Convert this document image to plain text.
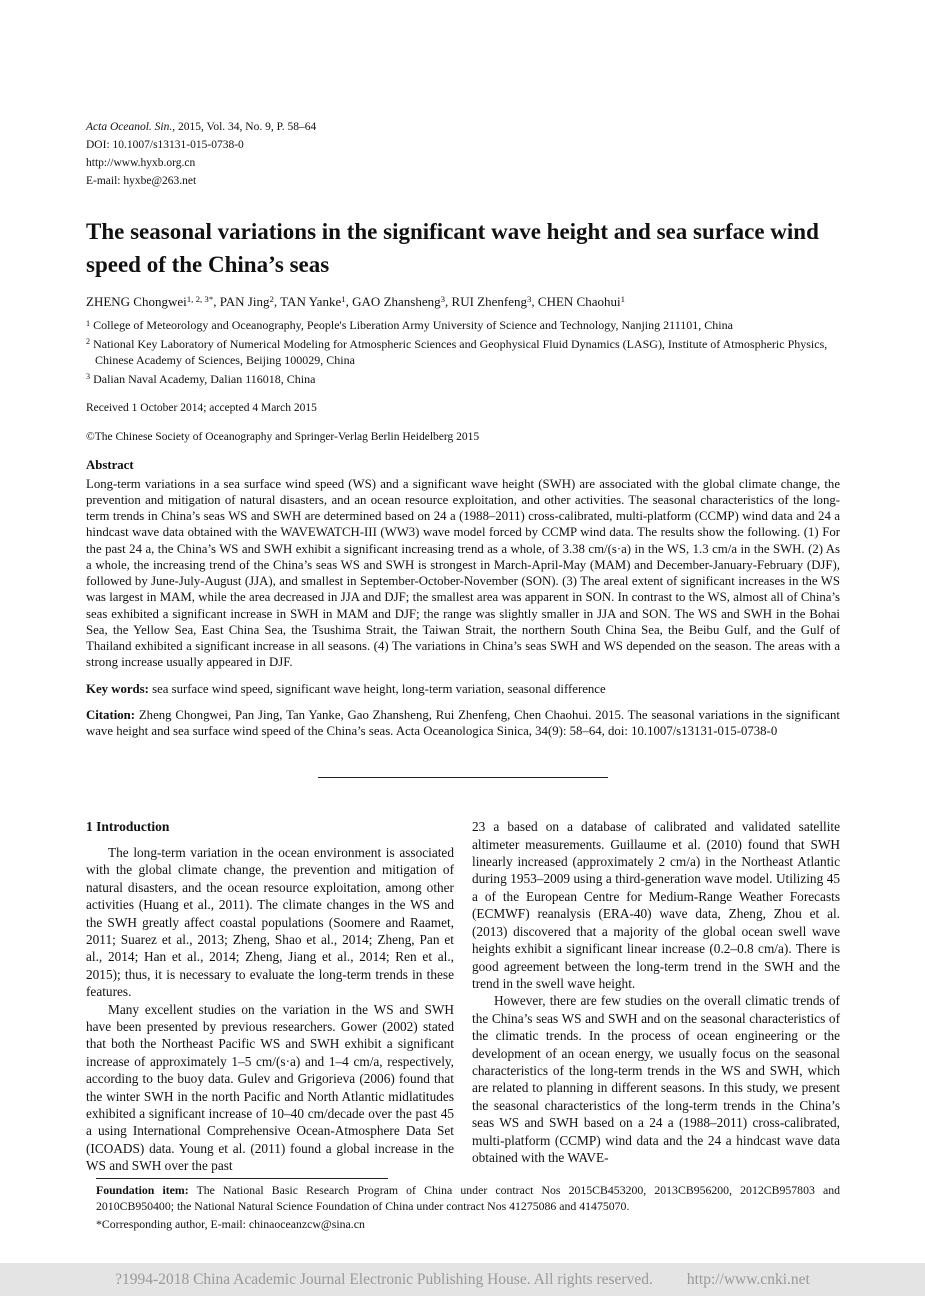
Acta Oceanol. Sin., 2015, Vol. 34, No. 9, P. 58–64
DOI: 10.1007/s13131-015-0738-0
http://www.hyxb.org.cn
E-mail: hyxbe@263.net
The seasonal variations in the significant wave height and sea surface wind speed of the China’s seas
ZHENG Chongwei$^{1, 2, 3*}$, PAN Jing$^2$, TAN Yanke$^1$, GAO Zhansheng$^3$, RUI Zhenfeng$^3$, CHEN Chaohui$^1$

$^1$ College of Meteorology and Oceanography, People's Liberation Army University of Science and Technology, Nanjing 211101, China

$^2$ National Key Laboratory of Numerical Modeling for Atmospheric Sciences and Geophysical Fluid Dynamics (LASG), Institute of Atmospheric Physics, Chinese Academy of Sciences, Beijing 100029, China

$^3$ Dalian Naval Academy, Dalian 116018, China

Received 1 October 2014; accepted 4 March 2015
©The Chinese Society of Oceanography and Springer-Verlag Berlin Heidelberg 2015
Abstract

Long-term variations in a sea surface wind speed (WS) and a significant wave height (SWH) are associated with the global climate change, the prevention and mitigation of natural disasters, and an ocean resource exploitation, and other activities. The seasonal characteristics of the long-term trends in China’s seas WS and SWH are determined based on 24 a (1988–2011) cross-calibrated, multi-platform (CCMP) wind data and 24 a hindcast wave data obtained with the WAVEWATCH-III (WW3) wave model forced by CCMP wind data. The results show the following. (1) For the past 24 a, the China’s WS and SWH exhibit a significant increasing trend as a whole, of 3.38 cm/(s·a) in the WS, 1.3 cm/a in the SWH. (2) As a whole, the increasing trend of the China’s seas WS and SWH is strongest in March-April-May (MAM) and December-January-February (DJF), followed by June-July-August (JJA), and smallest in September-October-November (SON). (3) The areal extent of significant increases in the WS was largest in MAM, while the area decreased in JJA and DJF; the smallest area was apparent in SON. In contrast to the WS, almost all of China’s seas exhibited a significant increase in SWH in MAM and DJF; the range was slightly smaller in JJA and SON. The WS and SWH in the Bohai Sea, the Yellow Sea, East China Sea, the Tsushima Strait, the Taiwan Strait, the northern South China Sea, the Beibu Gulf, and the Gulf of Thailand exhibited a significant increase in all seasons. (4) The variations in China’s seas SWH and WS depended on the season. The areas with a strong increase usually appeared in DJF.

Key words: sea surface wind speed, significant wave height, long-term variation, seasonal difference

Citation: Zheng Chongwei, Pan Jing, Tan Yanke, Gao Zhansheng, Rui Zhenfeng, Chen Chaohui. 2015. The seasonal variations in the significant wave height and sea surface wind speed of the China’s seas. Acta Oceanologica Sinica, 34(9): 58–64, doi: 10.1007/s13131-015-0738-0

1 Introduction

The long-term variation in the ocean environment is associated with the global climate change, the prevention and mitigation of natural disasters, and the ocean resource exploitation, among other activities (Huang et al., 2011). The climate changes in the WS and the SWH greatly affect coastal populations (Soomere and Raamet, 2011; Suarez et al., 2013; Zheng, Shao et al., 2014; Zheng, Pan et al., 2014; Han et al., 2014; Zheng, Jiang et al., 2014; Ren et al., 2015); thus, it is necessary to evaluate the long-term trends in these features.

Many excellent studies on the variation in the WS and SWH have been presented by previous researchers. Gower (2002) stated that both the Northeast Pacific WS and SWH exhibit a significant increase of approximately 1–5 cm/(s·a) and 1–4 cm/a, respectively, according to the buoy data. Gulev and Grigorieva (2006) found that the winter SWH in the north Pacific and North Atlantic midlatitudes exhibited a significant increase of 10–40 cm/decade over the past 45 a using International Comprehensive Ocean-Atmosphere Data Set (ICOADS) data. Young et al. (2011) found a global increase in the WS and SWH over the past

23 a based on a database of calibrated and validated satellite altimeter measurements. Guillaume et al. (2010) found that SWH linearly increased (approximately 2 cm/a) in the Northeast Atlantic during 1953–2009 using a third-generation wave model. Utilizing 45 a of the European Centre for Medium-Range Weather Forecasts (ECMWF) reanalysis (ERA-40) wave data, Zheng, Zhou et al. (2013) discovered that a majority of the global ocean swell wave heights exhibit a significant linear increase (0.2–0.8 cm/a). There is good agreement between the long-term trend in the SWH and the trend in the swell wave height.

However, there are few studies on the overall climatic trends of the China’s seas WS and SWH and on the seasonal characteristics of the climatic trends. In the process of ocean engineering or the development of an ocean energy, we usually focus on the seasonal characteristics of the long-term trends in the WS and SWH, which are related to planning in different seasons. In this study, we present the seasonal characteristics of the long-term trends in the China’s seas WS and SWH based on a 24 a (1988–2011) cross-calibrated, multi-platform (CCMP) wind data and the 24 a hindcast wave data obtained with the WAVE-

Foundation item: The National Basic Research Program of China under contract Nos 2015CB453200, 2013CB956200, 2012CB957803 and 2010CB950400; the National Natural Science Foundation of China under contract Nos 41275086 and 41475070.

*Corresponding author, E-mail: chinaoceanzcw@sina.cn

?1994-2018 China Academic Journal Electronic Publishing House. All rights reserved. http://www.cnki.net
